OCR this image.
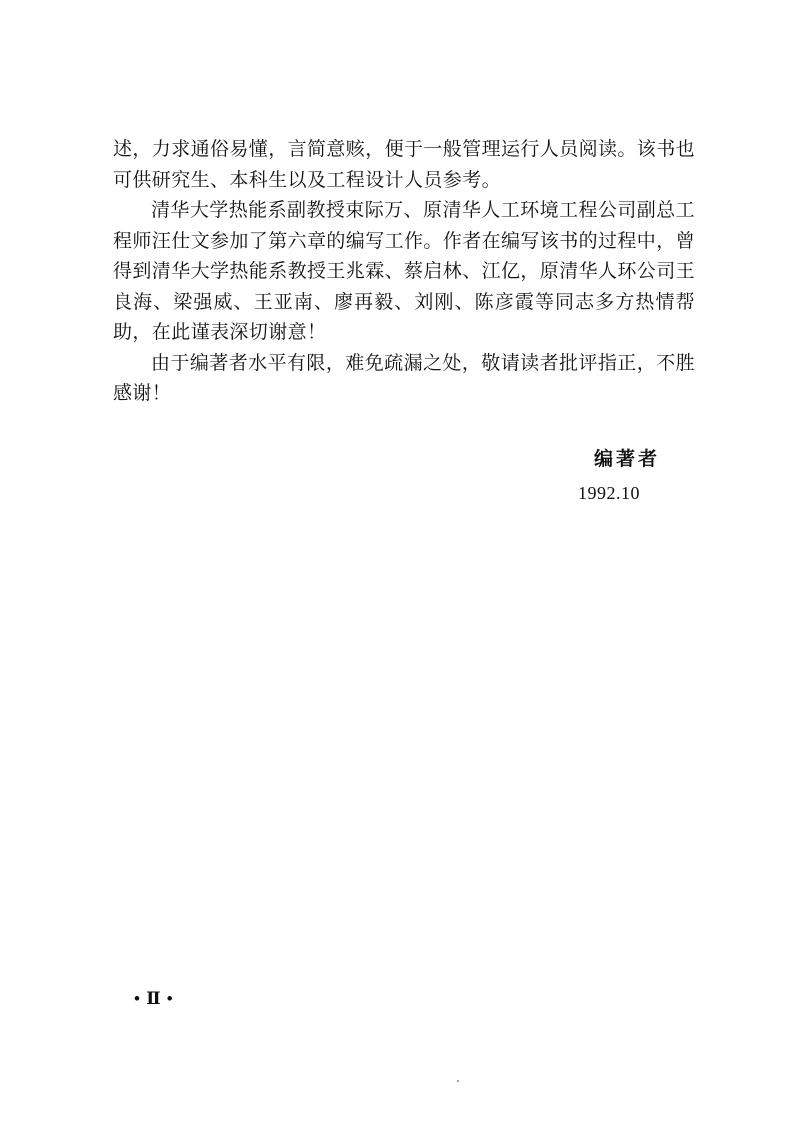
述，力求通俗易懂，言简意赅，便于一般管理运行人员阅读。该书也可供研究生、本科生以及工程设计人员参考。

清华大学热能系副教授束际万、原清华人工环境工程公司副总工程师汪仕文参加了第六章的编写工作。作者在编写该书的过程中，曾得到清华大学热能系教授王兆霖、蔡启林、江亿，原清华人环公司王良海、梁强威、王亚南、廖再毅、刘刚、陈彦霞等同志多方热情帮助，在此谨表深切谢意！

由于编著者水平有限，难免疏漏之处，敬请读者批评指正，不胜感谢！

编著者
1992.10
• Ⅱ •
